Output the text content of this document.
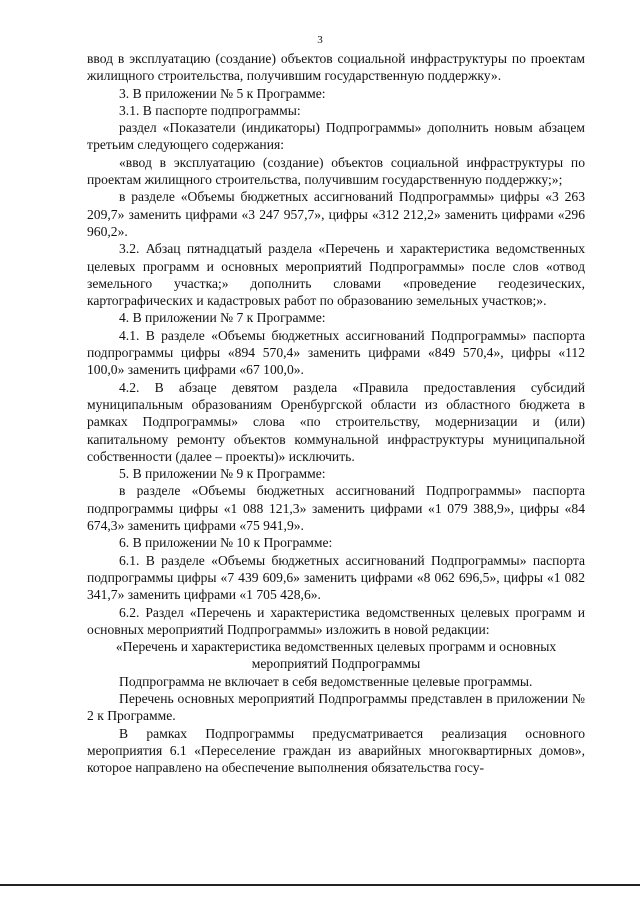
3

ввод в эксплуатацию (создание) объектов социальной инфраструктуры по проектам жилищного строительства, получившим государственную поддержку».

3. В приложении № 5 к Программе:

3.1. В паспорте подпрограммы:

раздел «Показатели (индикаторы) Подпрограммы» дополнить новым абзацем третьим следующего содержания:

«ввод в эксплуатацию (создание) объектов социальной инфраструктуры по проектам жилищного строительства, получившим государственную поддержку;»;

в разделе «Объемы бюджетных ассигнований Подпрограммы» цифры «3 263 209,7» заменить цифрами «3 247 957,7», цифры «312 212,2» заменить цифрами «296 960,2».

3.2. Абзац пятнадцатый раздела «Перечень и характеристика ведомственных целевых программ и основных мероприятий Подпрограммы» после слов «отвод земельного участка;» дополнить словами «проведение геодезических, картографических и кадастровых работ по образованию земельных участков;».

4. В приложении № 7 к Программе:

4.1. В разделе «Объемы бюджетных ассигнований Подпрограммы» паспорта подпрограммы цифры «894 570,4» заменить цифрами «849 570,4», цифры «112 100,0» заменить цифрами «67 100,0».

4.2. В абзаце девятом раздела «Правила предоставления субсидий муниципальным образованиям Оренбургской области из областного бюджета в рамках Подпрограммы» слова «по строительству, модернизации и (или) капитальному ремонту объектов коммунальной инфраструктуры муниципальной собственности (далее – проекты)» исключить.

5. В приложении № 9 к Программе:

в разделе «Объемы бюджетных ассигнований Подпрограммы» паспорта подпрограммы цифры «1 088 121,3» заменить цифрами «1 079 388,9», цифры «84 674,3» заменить цифрами «75 941,9».

6. В приложении № 10 к Программе:

6.1. В разделе «Объемы бюджетных ассигнований Подпрограммы» паспорта подпрограммы цифры «7 439 609,6» заменить цифрами «8 062 696,5», цифры «1 082 341,7» заменить цифрами «1 705 428,6».

6.2. Раздел «Перечень и характеристика ведомственных целевых программ и основных мероприятий Подпрограммы» изложить в новой редакции:

«Перечень и характеристика ведомственных целевых программ и основных мероприятий Подпрограммы

Подпрограмма не включает в себя ведомственные целевые программы.

Перечень основных мероприятий Подпрограммы представлен в приложении № 2 к Программе.

В рамках Подпрограммы предусматривается реализация основного мероприятия 6.1 «Переселение граждан из аварийных многоквартирных домов», которое направлено на обеспечение выполнения обязательства госу-
